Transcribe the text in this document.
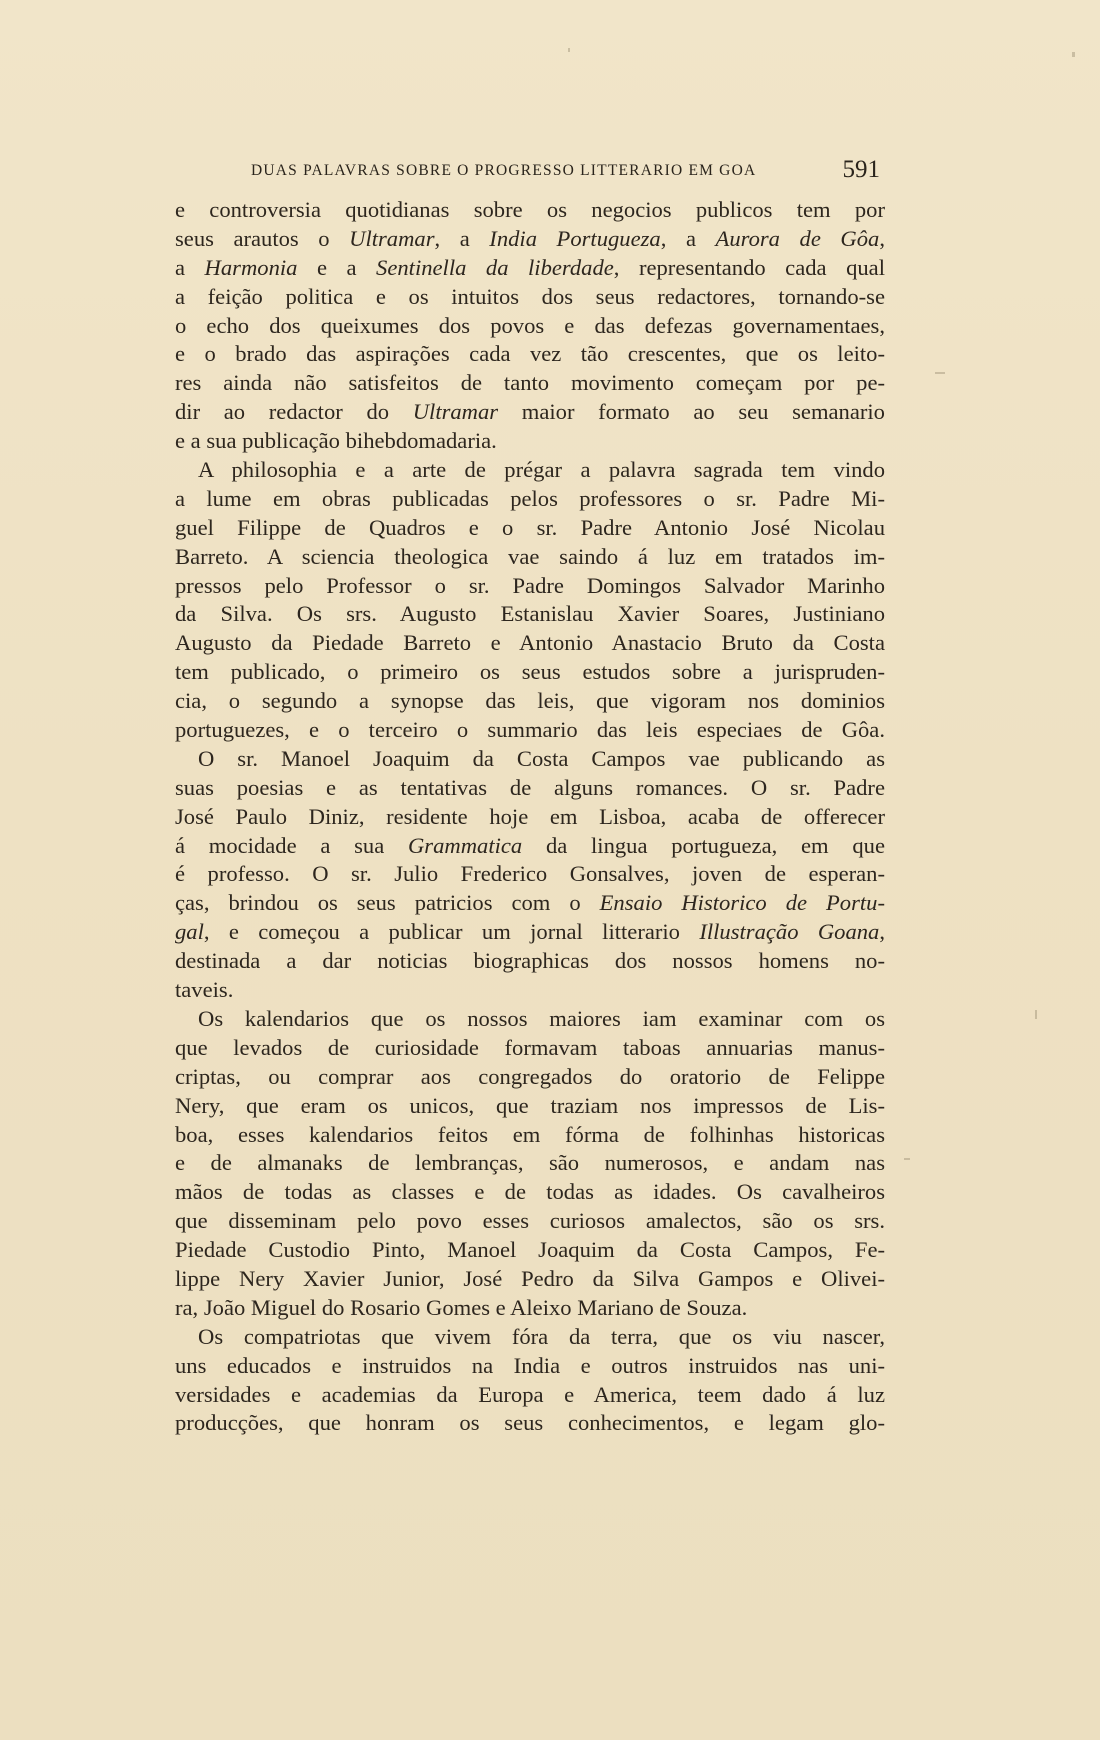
DUAS PALAVRAS SOBRE O PROGRESSO LITTERARIO EM GOA	591
e controversia quotidianas sobre os negocios publicos tem por
seus arautos o Ultramar, a India Portugueza, a Aurora de Gôa,
a Harmonia e a Sentinella da liberdade, representando cada qual
a feição politica e os intuitos dos seus redactores, tornando-se
o echo dos queixumes dos povos e das defezas governamentaes,
e o brado das aspirações cada vez tão crescentes, que os leito-
res ainda não satisfeitos de tanto movimento começam por pe-
dir ao redactor do Ultramar maior formato ao seu semanario
e a sua publicação bihebdomadaria.
A philosophia e a arte de prégar a palavra sagrada tem vindo
a lume em obras publicadas pelos professores o sr. Padre Mi-
guel Filippe de Quadros e o sr. Padre Antonio José Nicolau
Barreto. A sciencia theologica vae saindo á luz em tratados im-
pressos pelo Professor o sr. Padre Domingos Salvador Marinho
da Silva. Os srs. Augusto Estanislau Xavier Soares, Justiniano
Augusto da Piedade Barreto e Antonio Anastacio Bruto da Costa
tem publicado, o primeiro os seus estudos sobre a jurispruden-
cia, o segundo a synopse das leis, que vigoram nos dominios
portuguezes, e o terceiro o summario das leis especiaes de Gôa.
O sr. Manoel Joaquim da Costa Campos vae publicando as
suas poesias e as tentativas de alguns romances. O sr. Padre
José Paulo Diniz, residente hoje em Lisboa, acaba de offerecer
á mocidade a sua Grammatica da lingua portugueza, em que
é professo. O sr. Julio Frederico Gonsalves, joven de esperan-
ças, brindou os seus patricios com o Ensaio Historico de Portu-
gal, e começou a publicar um jornal litterario Illustração Goana,
destinada a dar noticias biographicas dos nossos homens no-
taveis.
Os kalendarios que os nossos maiores iam examinar com os
que levados de curiosidade formavam taboas annuarias manus-
criptas, ou comprar aos congregados do oratorio de Felippe
Nery, que eram os unicos, que traziam nos impressos de Lis-
boa, esses kalendarios feitos em fórma de folhinhas historicas
e de almanaks de lembranças, são numerosos, e andam nas
mãos de todas as classes e de todas as idades. Os cavalheiros
que disseminam pelo povo esses curiosos amalectos, são os srs.
Piedade Custodio Pinto, Manoel Joaquim da Costa Campos, Fe-
lippe Nery Xavier Junior, José Pedro da Silva Gampos e Olivei-
ra, João Miguel do Rosario Gomes e Aleixo Mariano de Souza.
Os compatriotas que vivem fóra da terra, que os viu nascer,
uns educados e instruidos na India e outros instruidos nas uni-
versidades e academias da Europa e America, teem dado á luz
producções, que honram os seus conhecimentos, e legam glo-
